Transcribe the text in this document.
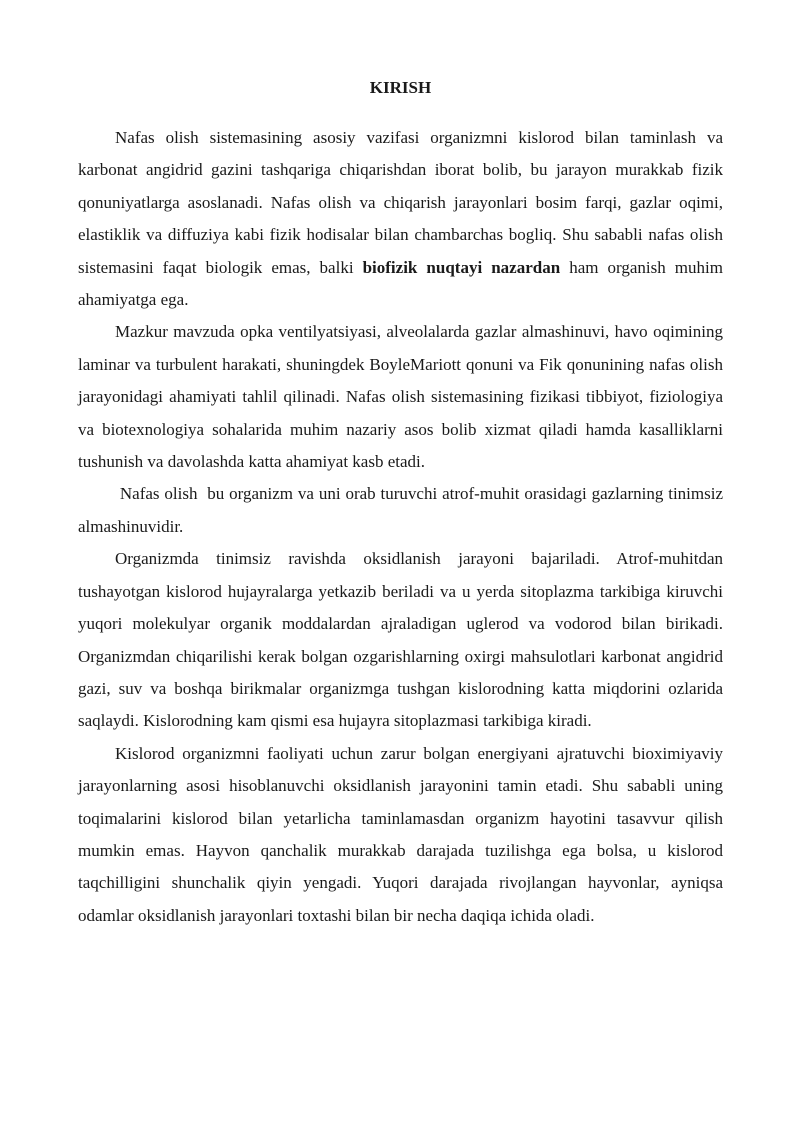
KIRISH

Nafas olish sistemasining asosiy vazifasi organizmni kislorod bilan taminlash va karbonat angidrid gazini tashqariga chiqarishdan iborat bolib, bu jarayon murakkab fizik qonuniyatlarga asoslanadi. Nafas olish va chiqarish jarayonlari bosim farqi, gazlar oqimi, elastiklik va diffuziya kabi fizik hodisalar bilan chambarchas bogliq. Shu sababli nafas olish sistemasini faqat biologik emas, balki biofizik nuqtayi nazardan ham organish muhim ahamiyatga ega.

Mazkur mavzuda opka ventilyatsiyasi, alveolalarda gazlar almashinuvi, havo oqimining laminar va turbulent harakati, shuningdek BoyleMariott qonuni va Fik qonunining nafas olish jarayonidagi ahamiyati tahlil qilinadi. Nafas olish sistemasining fizikasi tibbiyot, fiziologiya va biotexnologiya sohalarida muhim nazariy asos bolib xizmat qiladi hamda kasalliklarni tushunish va davolashda katta ahamiyat kasb etadi.

Nafas olish  bu organizm va uni orab turuvchi atrof-muhit orasidagi gazlarning tinimsiz almashinuvidir.

Organizmda tinimsiz ravishda oksidlanish jarayoni bajariladi. Atrof-muhitdan tushayotgan kislorod hujayralarga yetkazib beriladi va u yerda sitoplazma tarkibiga kiruvchi yuqori molekulyar organik moddalardan ajraladigan uglerod va vodorod bilan birikadi. Organizmdan chiqarilishi kerak bolgan ozgarishlarning oxirgi mahsulotlari karbonat angidrid gazi, suv va boshqa birikmalar organizmga tushgan kislorodning katta miqdorini ozlarida saqlaydi. Kislorodning kam qismi esa hujayra sitoplazmasi tarkibiga kiradi.

Kislorod organizmni faoliyati uchun zarur bolgan energiyani ajratuvchi bioximiyaviy jarayonlarning asosi hisoblanuvchi oksidlanish jarayonini tamin etadi. Shu sababli uning toqimalarini kislorod bilan yetarlicha taminlamasdan organizm hayotini tasavvur qilish mumkin emas. Hayvon qanchalik murakkab darajada tuzilishga ega bolsa, u kislorod taqchilligini shunchalik qiyin yengadi. Yuqori darajada rivojlangan hayvonlar, ayniqsa odamlar oksidlanish jarayonlari toxtashi bilan bir necha daqiqa ichida oladi.
